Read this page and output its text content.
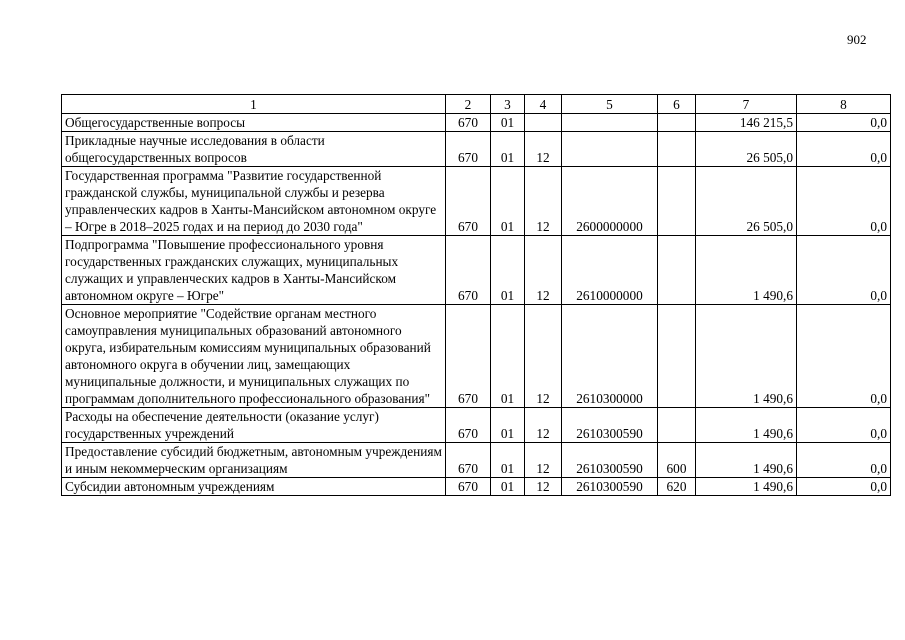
902
1	2	3	4	5	6	7	8
Общегосударственные вопросы	670	01				146 215,5	0,0
Прикладные научные исследования в области общегосударственных вопросов	670	01	12			26 505,0	0,0
Государственная программа "Развитие государственной гражданской службы, муниципальной службы и резерва управленческих кадров в Ханты-Мансийском автономном округе – Югре в 2018–2025 годах и на период до 2030 года"	670	01	12	2600000000		26 505,0	0,0
Подпрограмма "Повышение профессионального уровня государственных гражданских служащих, муниципальных служащих и управленческих кадров в Ханты-Мансийском автономном округе – Югре"	670	01	12	2610000000		1 490,6	0,0
Основное мероприятие "Содействие органам местного самоуправления муниципальных образований автономного округа, избирательным комиссиям муниципальных образований автономного округа в обучении лиц, замещающих муниципальные должности, и муниципальных служащих по программам дополнительного профессионального образования"	670	01	12	2610300000		1 490,6	0,0
Расходы на обеспечение деятельности (оказание услуг) государственных учреждений	670	01	12	2610300590		1 490,6	0,0
Предоставление субсидий бюджетным, автономным учреждениям и иным некоммерческим организациям	670	01	12	2610300590	600	1 490,6	0,0
Субсидии автономным учреждениям	670	01	12	2610300590	620	1 490,6	0,0
